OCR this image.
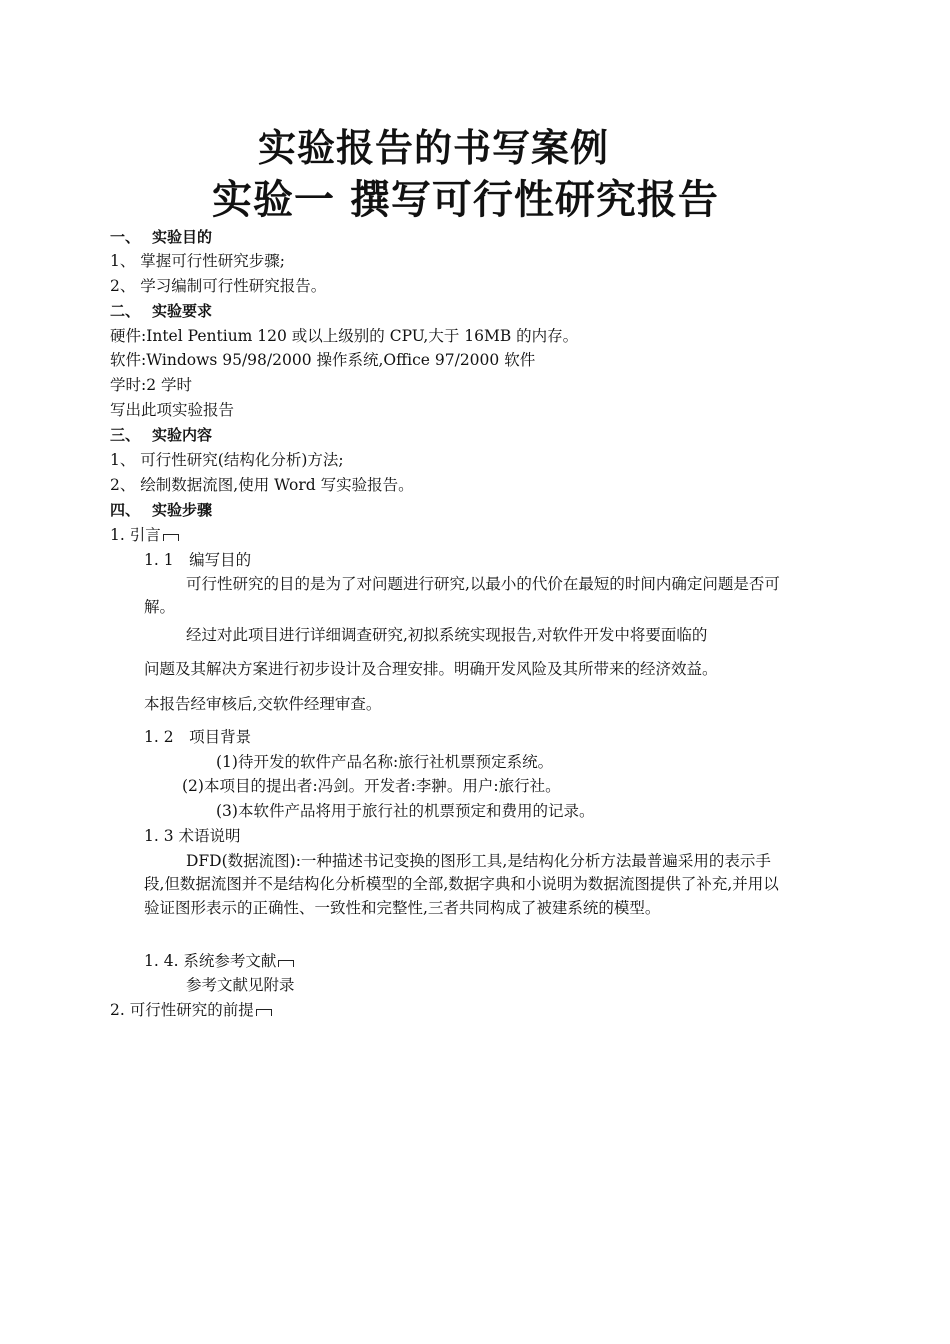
实验报告的书写案例
实验一 撰写可行性研究报告
一、 实验目的
1、 掌握可行性研究步骤;
2、 学习编制可行性研究报告。
二、 实验要求
硬件:Intel Pentium 120 或以上级别的 CPU,大于 16MB 的内存。
软件:Windows 95/98/2000 操作系统,Office 97/2000 软件
学时:2 学时
写出此项实验报告
三、 实验内容
1、 可行性研究(结构化分析)方法;
2、 绘制数据流图,使用 Word 写实验报告。
四、 实验步骤
1. 引言
1. 1　编写目的
可行性研究的目的是为了对问题进行研究,以最小的代价在最短的时间内确定问题是否可解。
经过对此项目进行详细调查研究,初拟系统实现报告,对软件开发中将要面临的
问题及其解决方案进行初步设计及合理安排。明确开发风险及其所带来的经济效益。
本报告经审核后,交软件经理审查。
1. 2　项目背景
(1)待开发的软件产品名称:旅行社机票预定系统。
(2)本项目的提出者:冯剑。开发者:李翀。用户:旅行社。
(3)本软件产品将用于旅行社的机票预定和费用的记录。
1. 3 术语说明
DFD(数据流图):一种描述书记变换的图形工具,是结构化分析方法最普遍采用的表示手段,但数据流图并不是结构化分析模型的全部,数据字典和小说明为数据流图提供了补充,并用以验证图形表示的正确性、一致性和完整性,三者共同构成了被建系统的模型。
1. 4. 系统参考文献
参考文献见附录
2. 可行性研究的前提
